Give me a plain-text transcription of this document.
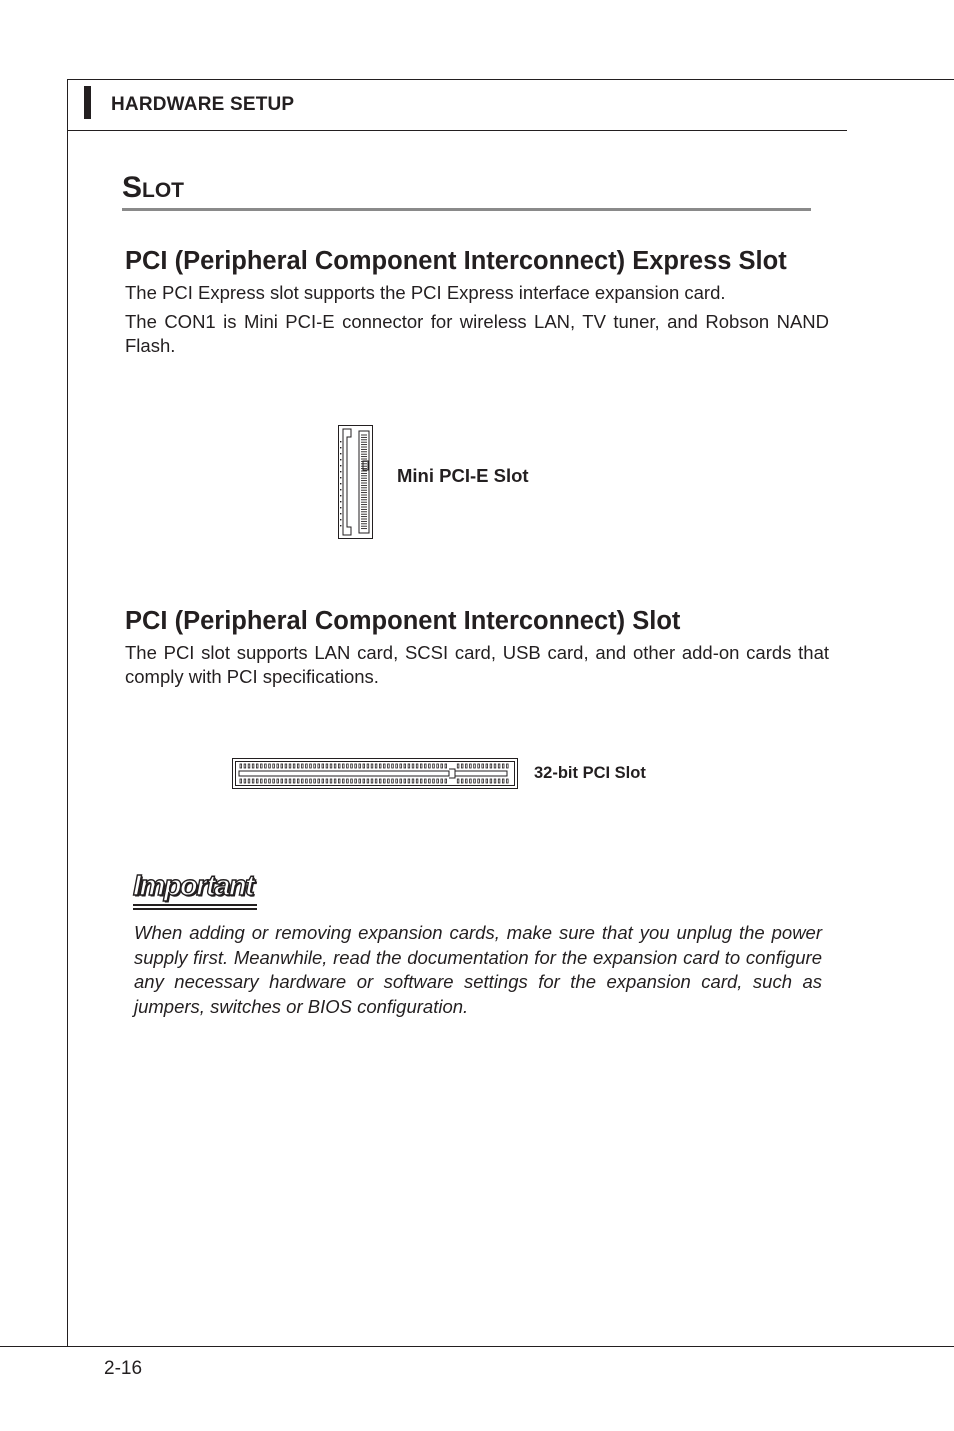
HARDWARE SETUP
SLOT
PCI (Peripheral Component Interconnect) Express Slot
The PCI Express slot supports the PCI Express interface expansion card.
The CON1 is Mini PCI-E connector for wireless LAN, TV tuner, and Robson NAND Flash.
Mini PCI-E Slot
PCI (Peripheral Component Interconnect) Slot
The PCI slot supports LAN card, SCSI card, USB card, and other add-on cards that comply with PCI specifications.
32-bit PCI Slot
Important
When adding or removing expansion cards, make sure that you unplug the power supply first. Meanwhile, read the documentation for the expansion card to configure any necessary hardware or software settings for the expansion card, such as jumpers, switches or BIOS configuration.
2-16
